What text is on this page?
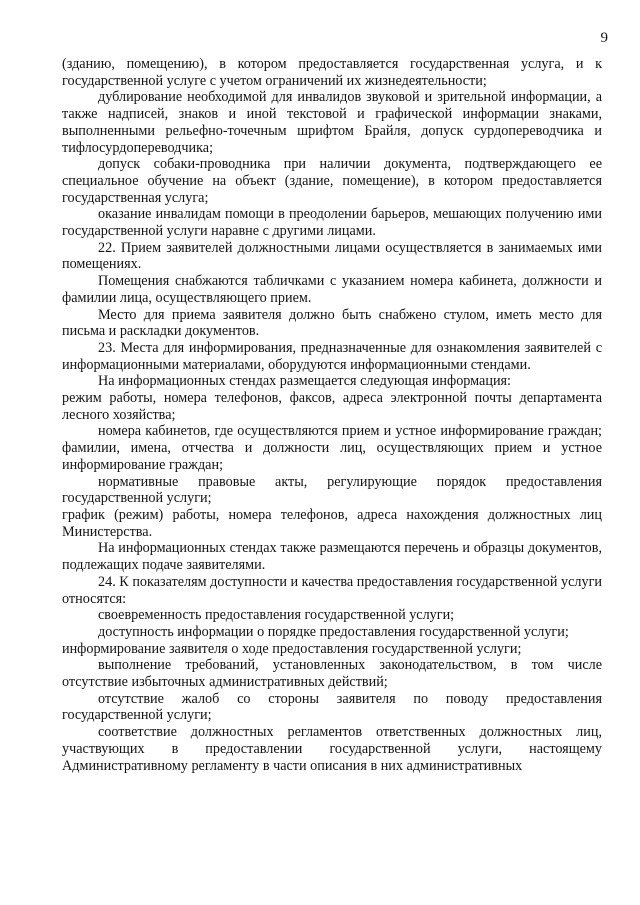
9

(зданию, помещению), в котором предоставляется государственная услуга, и к государственной услуге с учетом ограничений их жизнедеятельности;

дублирование необходимой для инвалидов звуковой и зрительной информации, а также надписей, знаков и иной текстовой и графической информации знаками, выполненными рельефно-точечным шрифтом Брайля, допуск сурдопереводчика и тифлосурдопереводчика;

допуск собаки-проводника при наличии документа, подтверждающего ее специальное обучение на объект (здание, помещение), в котором предоставляется государственная услуга;

оказание инвалидам помощи в преодолении барьеров, мешающих получению ими государственной услуги наравне с другими лицами.

22. Прием заявителей должностными лицами осуществляется в занимаемых ими помещениях.

Помещения снабжаются табличками с указанием номера кабинета, должности и фамилии лица, осуществляющего прием.

Место для приема заявителя должно быть снабжено стулом, иметь место для письма и раскладки документов.

23. Места для информирования, предназначенные для ознакомления заявителей с информационными материалами, оборудуются информационными стендами.

На информационных стендах размещается следующая информация:

режим работы, номера телефонов, факсов, адреса электронной почты департамента лесного хозяйства;

номера кабинетов, где осуществляются прием и устное информирование граждан; фамилии, имена, отчества и должности лиц, осуществляющих прием и устное информирование граждан;

нормативные правовые акты, регулирующие порядок предоставления государственной услуги;

график (режим) работы, номера телефонов, адреса нахождения должностных лиц Министерства.

На информационных стендах также размещаются перечень и образцы документов, подлежащих подаче заявителями.

24. К показателям доступности и качества предоставления государственной услуги относятся:

своевременность предоставления государственной услуги;

доступность информации о порядке предоставления государственной услуги;

информирование заявителя о ходе предоставления государственной услуги;

выполнение требований, установленных законодательством, в том числе отсутствие избыточных административных действий;

отсутствие жалоб со стороны заявителя по поводу предоставления государственной услуги;

соответствие должностных регламентов ответственных должностных лиц, участвующих в предоставлении государственной услуги, настоящему Административному регламенту в части описания в них административных
